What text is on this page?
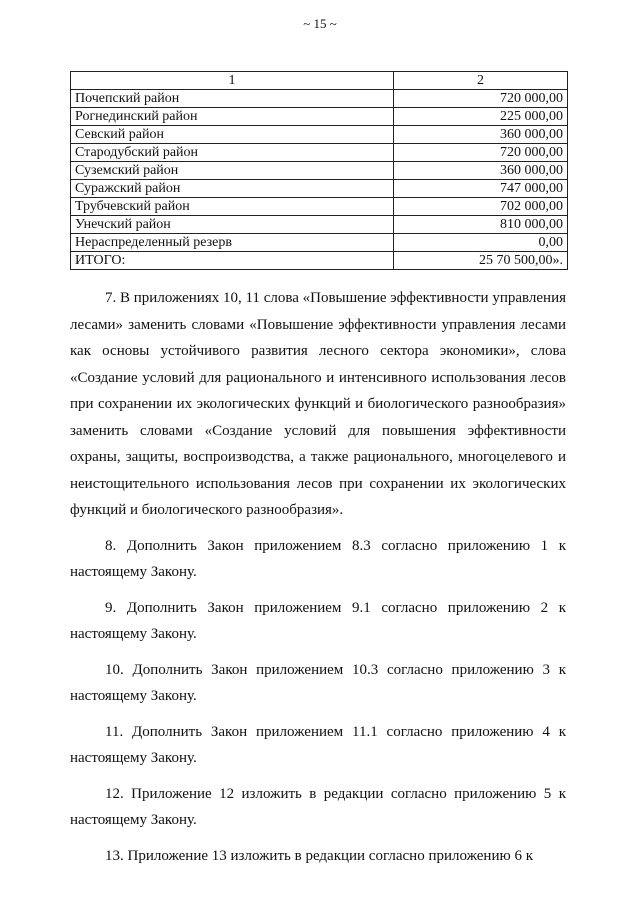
~ 15 ~
1	2
Почепский район	720 000,00
Рогнединский район	225 000,00
Севский район	360 000,00
Стародубский район	720 000,00
Суземский район	360 000,00
Суражский район	747 000,00
Трубчевский район	702 000,00
Унечский район	810 000,00
Нераспределенный резерв	0,00
ИТОГО:	25 70 500,00».

7. В приложениях 10, 11 слова «Повышение эффективности управления лесами» заменить словами «Повышение эффективности управления лесами как основы устойчивого развития лесного сектора экономики», слова «Создание условий для рационального и интенсивного использования лесов при сохранении их экологических функций и биологического разнообразия» заменить словами «Создание условий для повышения эффективности охраны, защиты, воспроизводства, а также рационального, многоцелевого и неистощительного использования лесов при сохранении их экологических функций и биологического разнообразия».

8. Дополнить Закон приложением 8.3 согласно приложению 1 к настоящему Закону.

9. Дополнить Закон приложением 9.1 согласно приложению 2 к настоящему Закону.

10. Дополнить Закон приложением 10.3 согласно приложению 3 к настоящему Закону.

11. Дополнить Закон приложением 11.1 согласно приложению 4 к настоящему Закону.

12. Приложение 12 изложить в редакции согласно приложению 5 к настоящему Закону.

13. Приложение 13 изложить в редакции согласно приложению 6 к
